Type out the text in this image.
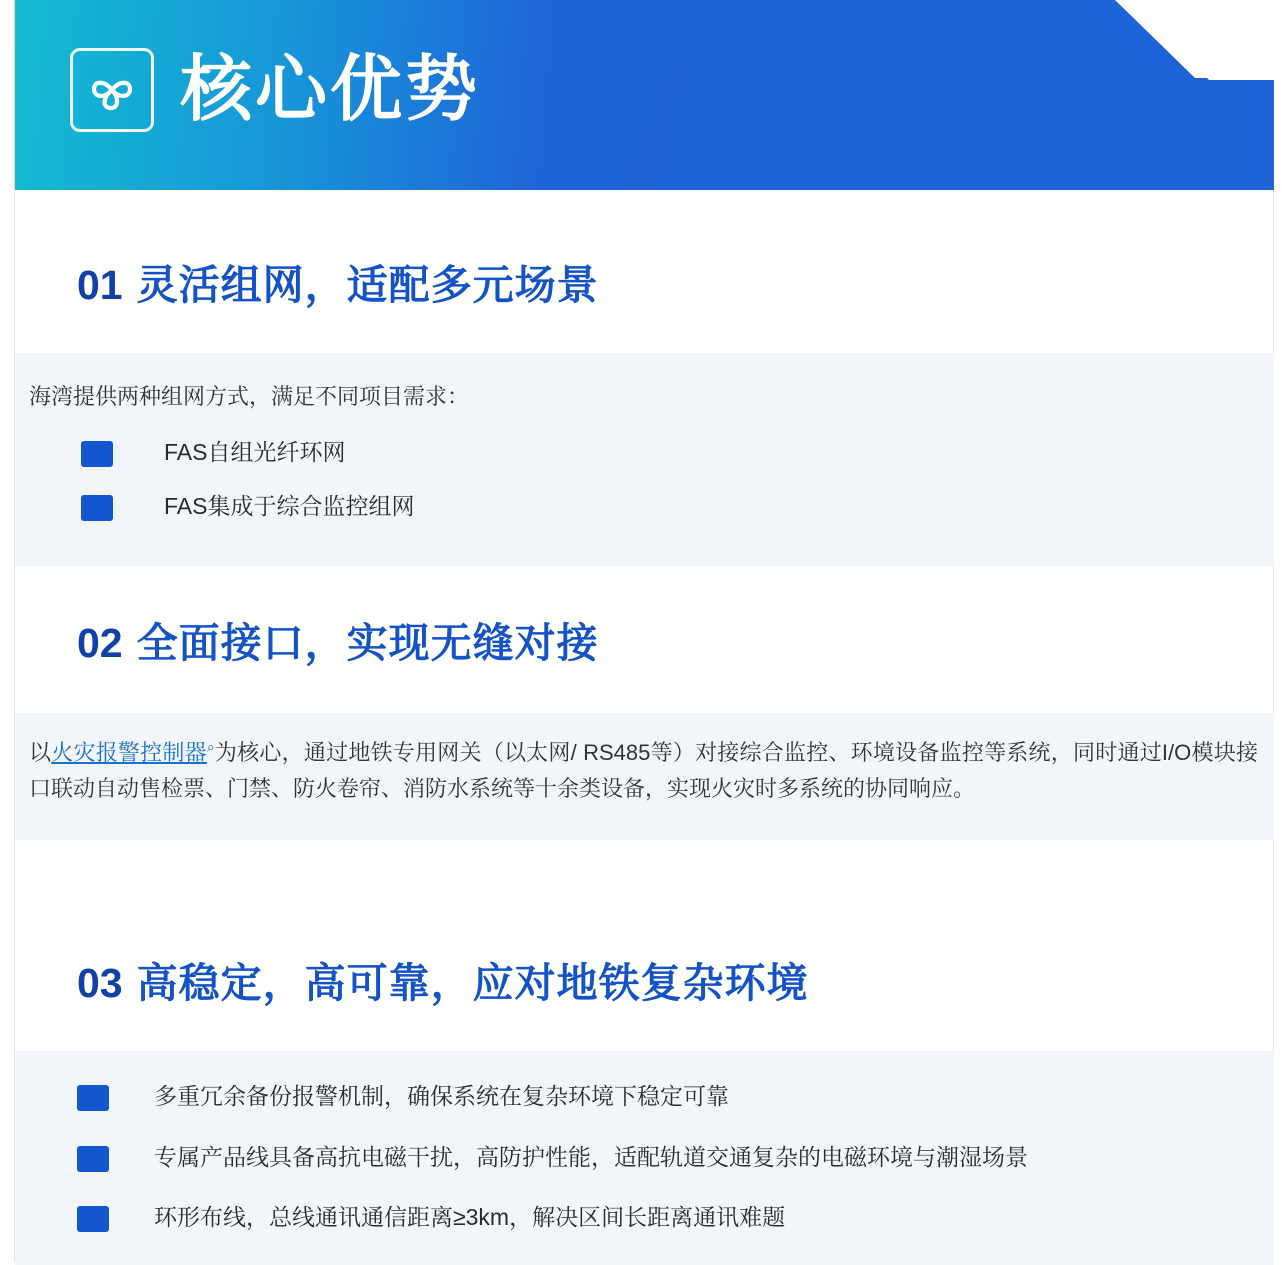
核心优势
01 灵活组网，适配多元场景
海湾提供两种组网方式，满足不同项目需求：
FAS自组光纤环网
FAS集成于综合监控组网
02 全面接口，实现无缝对接
以火灾报警控制器⌕为核心，通过地铁专用网关（以太网/ RS485等）对接综合监控、环境设备监控等系统，同时通过I/O模块接口联动自动售检票、门禁、防火卷帘、消防水系统等十余类设备，实现火灾时多系统的协同响应。
03 高稳定，高可靠，应对地铁复杂环境
多重冗余备份报警机制，确保系统在复杂环境下稳定可靠
专属产品线具备高抗电磁干扰，高防护性能，适配轨道交通复杂的电磁环境与潮湿场景
环形布线，总线通讯通信距离≥3km，解决区间长距离通讯难题
